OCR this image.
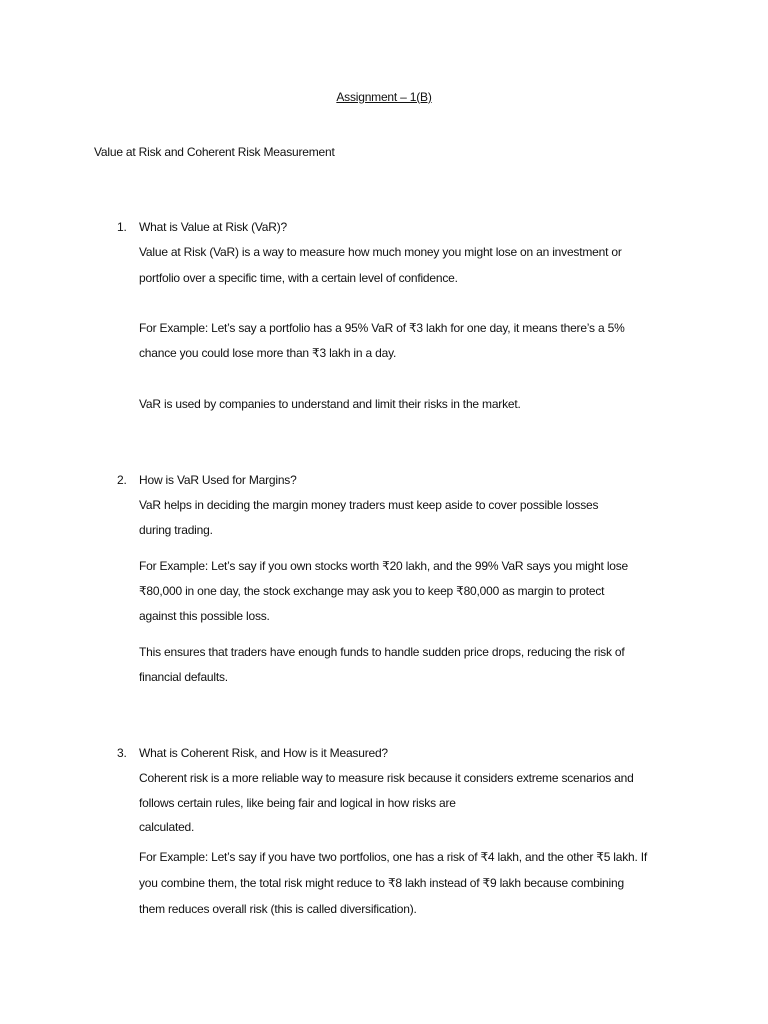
Assignment – 1(B)
Value at Risk and Coherent Risk Measurement
1. What is Value at Risk (VaR)?
Value at Risk (VaR) is a way to measure how much money you might lose on an investment or
portfolio over a specific time, with a certain level of confidence.
For Example: Let’s say a portfolio has a 95% VaR of ₹3 lakh for one day, it means there’s a 5%
chance you could lose more than ₹3 lakh in a day.
VaR is used by companies to understand and limit their risks in the market.
2. How is VaR Used for Margins?
VaR helps in deciding the margin money traders must keep aside to cover possible losses
during trading.
For Example: Let’s say if you own stocks worth ₹20 lakh, and the 99% VaR says you might lose
₹80,000 in one day, the stock exchange may ask you to keep ₹80,000 as margin to protect
against this possible loss.
This ensures that traders have enough funds to handle sudden price drops, reducing the risk of
financial defaults.
3. What is Coherent Risk, and How is it Measured?
Coherent risk is a more reliable way to measure risk because it considers extreme scenarios and
follows certain rules, like being fair and logical in how risks are
calculated.
For Example: Let’s say if you have two portfolios, one has a risk of ₹4 lakh, and the other ₹5 lakh. If
you combine them, the total risk might reduce to ₹8 lakh instead of ₹9 lakh because combining
them reduces overall risk (this is called diversification).
